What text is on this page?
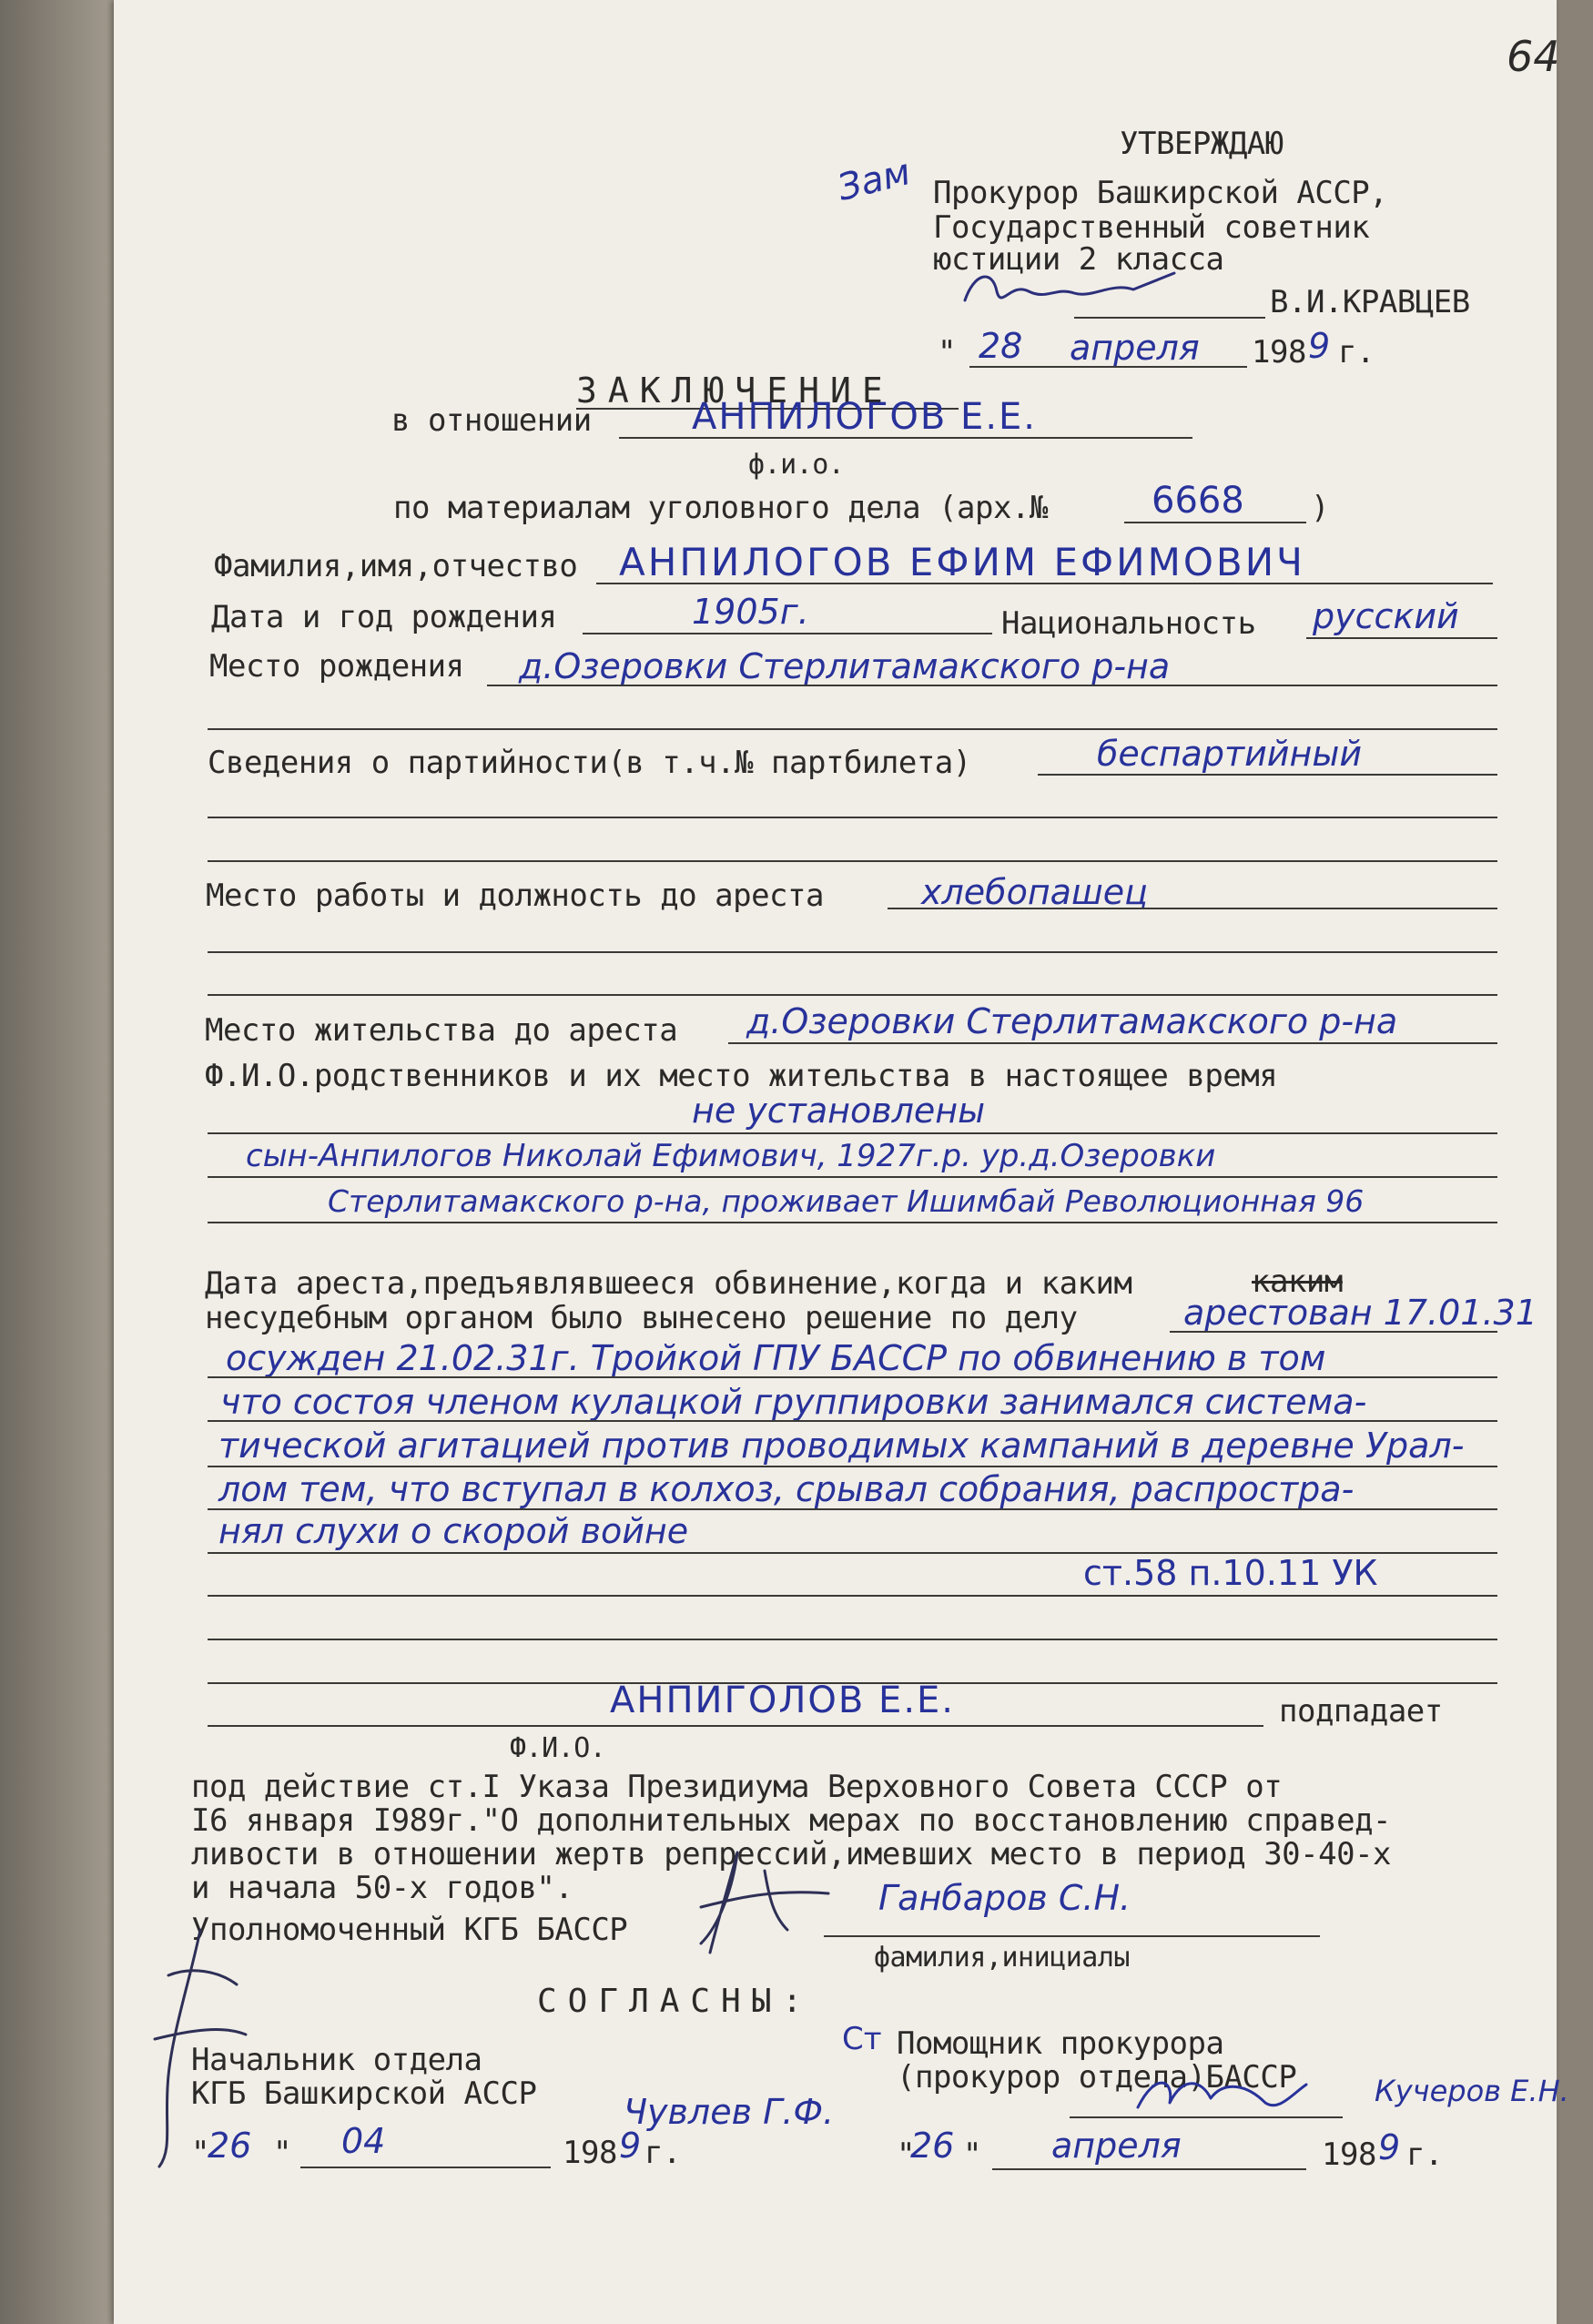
64
УТВЕРЖДАЮ
Зам Прокурор Башкирской АССР,
Государственный советник
юстиции 2 класса
В.И.КРАВЦЕВ
" 28 апреля 198 9 г.
ЗАКЛЮЧЕНИЕ
в отношении	АНПИЛОГОВ Е.Е.
ф.и.о.
по материалам уголовного дела (арх.№	6668 )
Фамилия,имя,отчество АНПИЛОГОВ ЕФИМ ЕФИМОВИЧ
Дата и год рождения	1905г.	Национальность русский
Место рождения д.Озеровки Стерлитамакского р-на
Сведения о партийности(в т.ч.№ партбилета)	беспартийный
Место работы и должность до ареста	хлебопашец
Место жительства до ареста д.Озеровки Стерлитамакского р-на
Ф.И.О.родственников и их место жительства в настоящее время
не установлены
сын-Анпилогов Николай Ефимович, 1927г.р. ур.д.Озеровки
Стерлитамакского р-на, проживает Ишимбай Революционная 96
Дата ареста,предъявлявшееся обвинение,когда и каким	каким
несудебным органом было вынесено решение по делу	арестован 17.01.31
осужден 21.02.31г. Тройкой ГПУ БАССР по обвинению в том
что состоя членом кулацкой группировки занимался система-
тической агитацией против проводимых кампаний в деревне Урал-
лом тем, что вступал в колхоз, срывал собрания, распростра-
нял слухи о скорой войне
ст.58 п.10.11 УК
АНПИГОЛОВ Е.Е.	подпадает
Ф.И.О.
под действие ст.I Указа Президиума Верховного Совета СССР от
I6 января I989г."О дополнительных мерах по восстановлению справед-
ливости в отношении жертв репрессий,имевших место в период 30-40-х
и начала 50-х годов".
Уполномоченный КГБ БАССР
Ганбаров С.Н.
фамилия,инициалы
СОГЛАСНЫ:
Начальник отдела
КГБ Башкирской АССР	Чувлев Г.Ф.
"
26 " 04	198 9 г.
Ст Помощник прокурора
(прокурор отдела)БАССР	Кучеров Е.Н.
"
26 " апреля	198 9 г.
